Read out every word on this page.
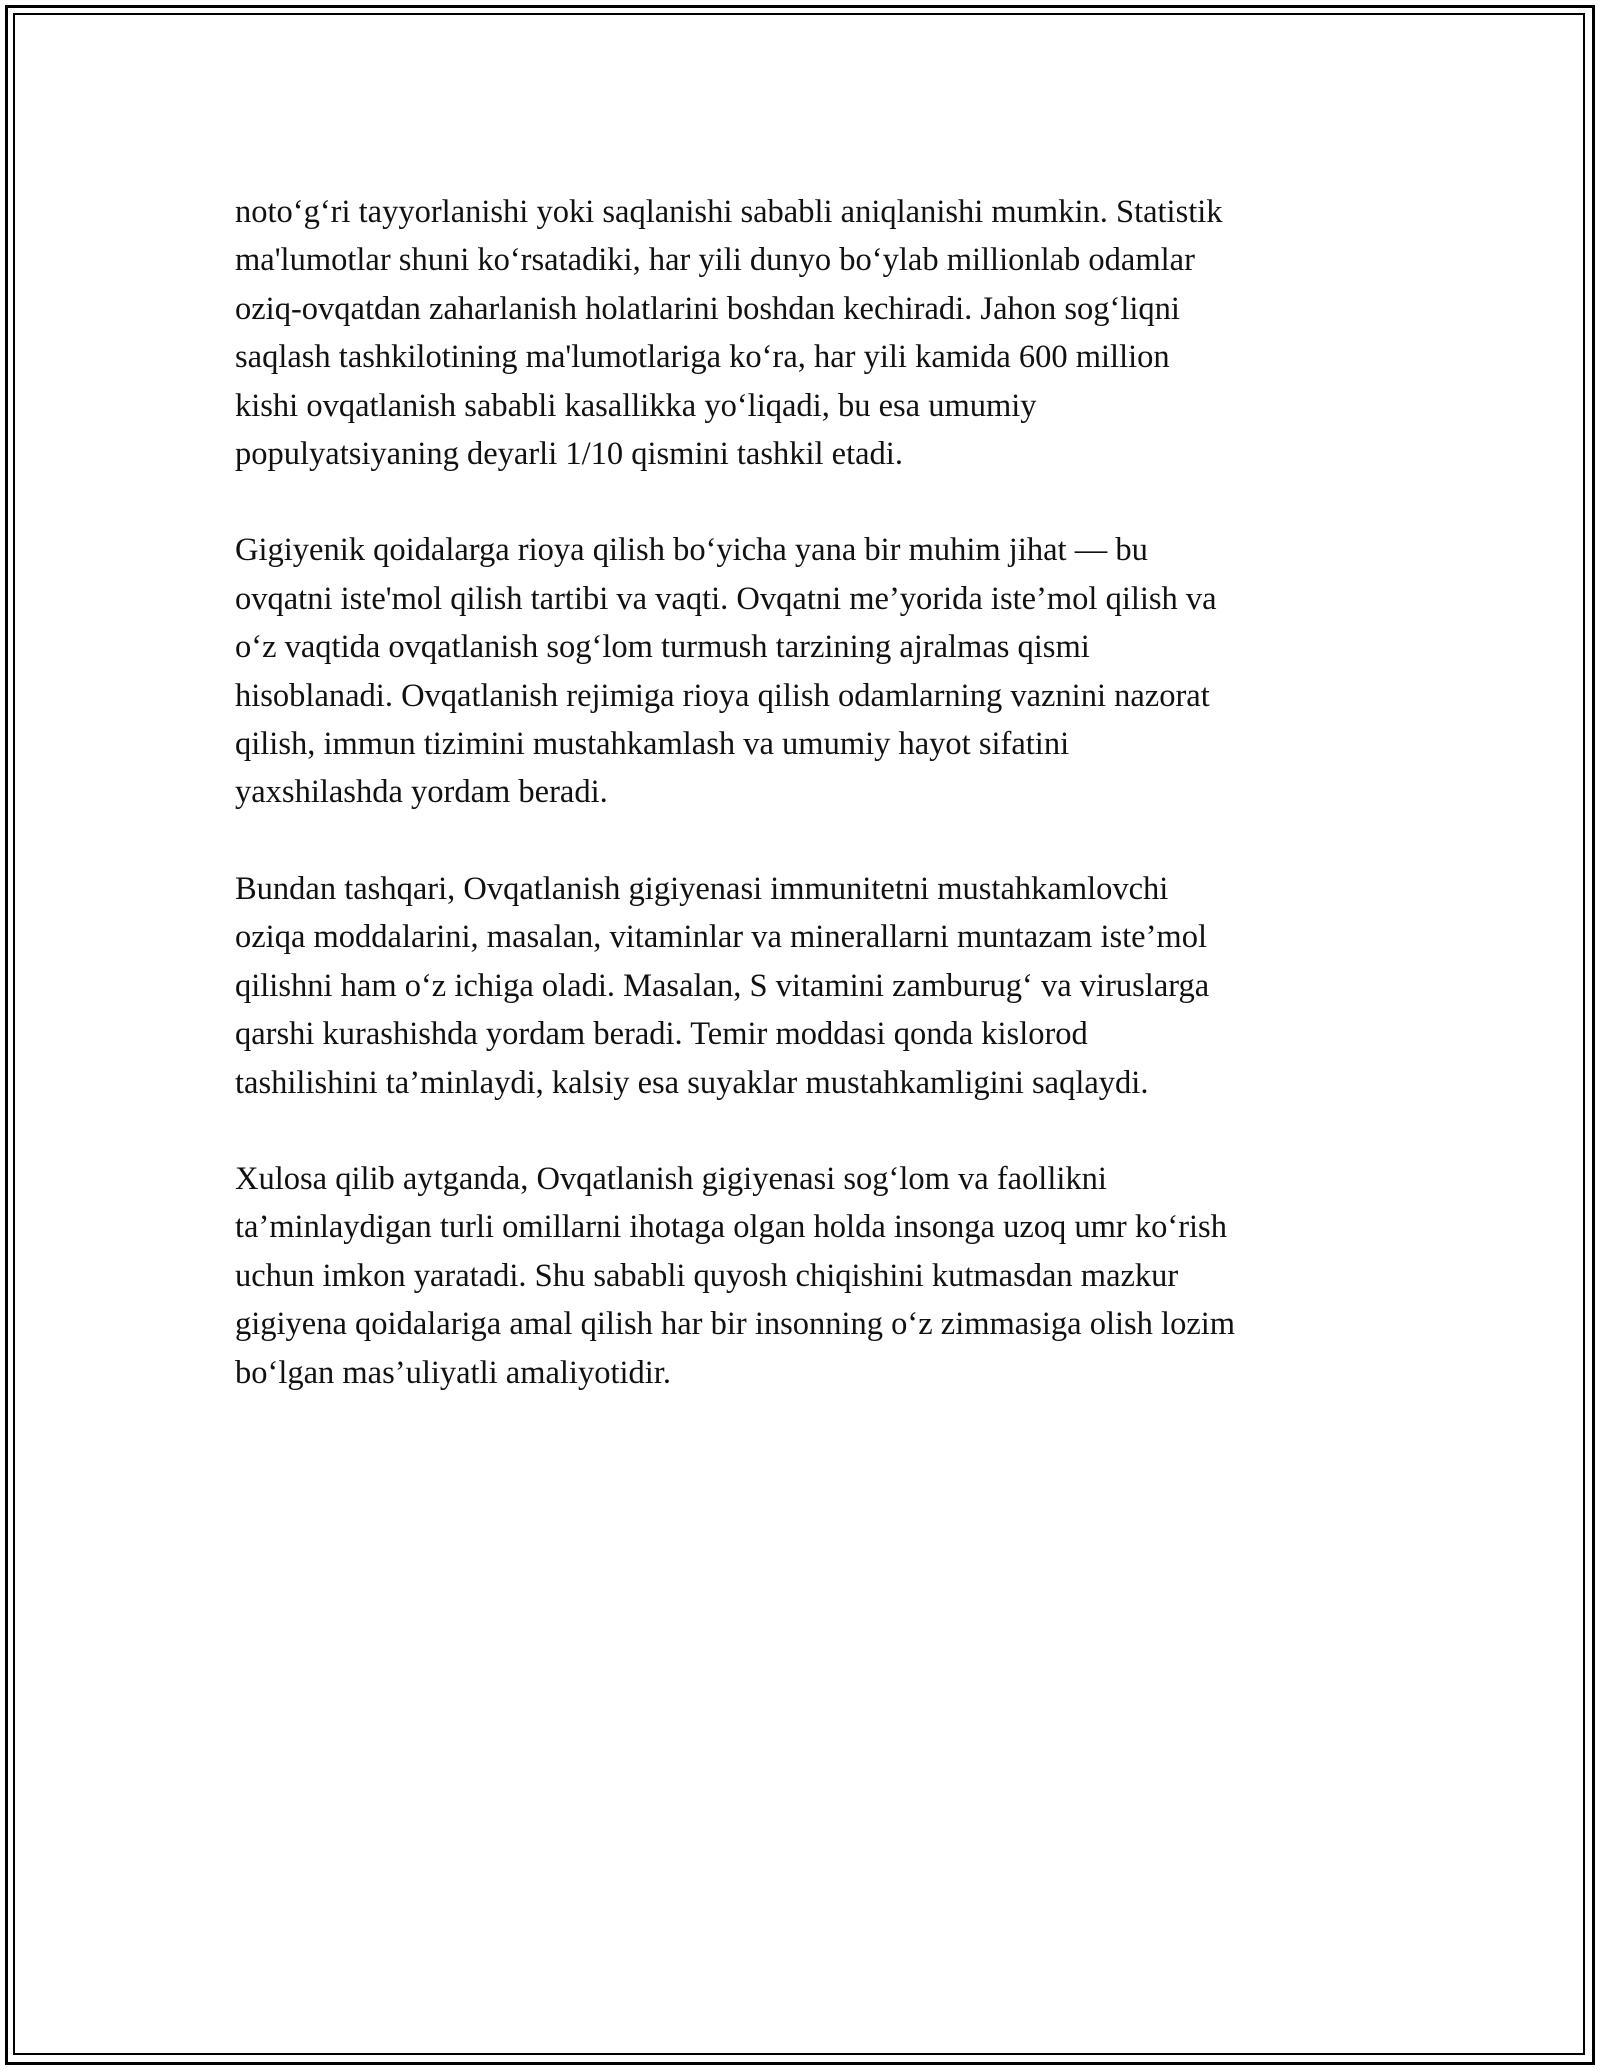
noto‘g‘ri tayyorlanishi yoki saqlanishi sababli aniqlanishi mumkin. Statistik
ma'lumotlar shuni ko‘rsatadiki, har yili dunyo bo‘ylab millionlab odamlar
oziq-ovqatdan zaharlanish holatlarini boshdan kechiradi. Jahon sog‘liqni
saqlash tashkilotining ma'lumotlariga ko‘ra, har yili kamida 600 million
kishi ovqatlanish sababli kasallikka yo‘liqadi, bu esa umumiy
populyatsiyaning deyarli 1/10 qismini tashkil etadi.

Gigiyenik qoidalarga rioya qilish bo‘yicha yana bir muhim jihat — bu
ovqatni iste'mol qilish tartibi va vaqti. Ovqatni me’yorida iste’mol qilish va
o‘z vaqtida ovqatlanish sog‘lom turmush tarzining ajralmas qismi
hisoblanadi. Ovqatlanish rejimiga rioya qilish odamlarning vaznini nazorat
qilish, immun tizimini mustahkamlash va umumiy hayot sifatini
yaxshilashda yordam beradi.

Bundan tashqari, Ovqatlanish gigiyenasi immunitetni mustahkamlovchi
oziqa moddalarini, masalan, vitaminlar va minerallarni muntazam iste’mol
qilishni ham o‘z ichiga oladi. Masalan, S vitamini zamburug‘ va viruslarga
qarshi kurashishda yordam beradi. Temir moddasi qonda kislorod
tashilishini ta’minlaydi, kalsiy esa suyaklar mustahkamligini saqlaydi.

Xulosa qilib aytganda, Ovqatlanish gigiyenasi sog‘lom va faollikni
ta’minlaydigan turli omillarni ihotaga olgan holda insonga uzoq umr ko‘rish
uchun imkon yaratadi. Shu sababli quyosh chiqishini kutmasdan mazkur
gigiyena qoidalariga amal qilish har bir insonning o‘z zimmasiga olish lozim
bo‘lgan mas’uliyatli amaliyotidir.
